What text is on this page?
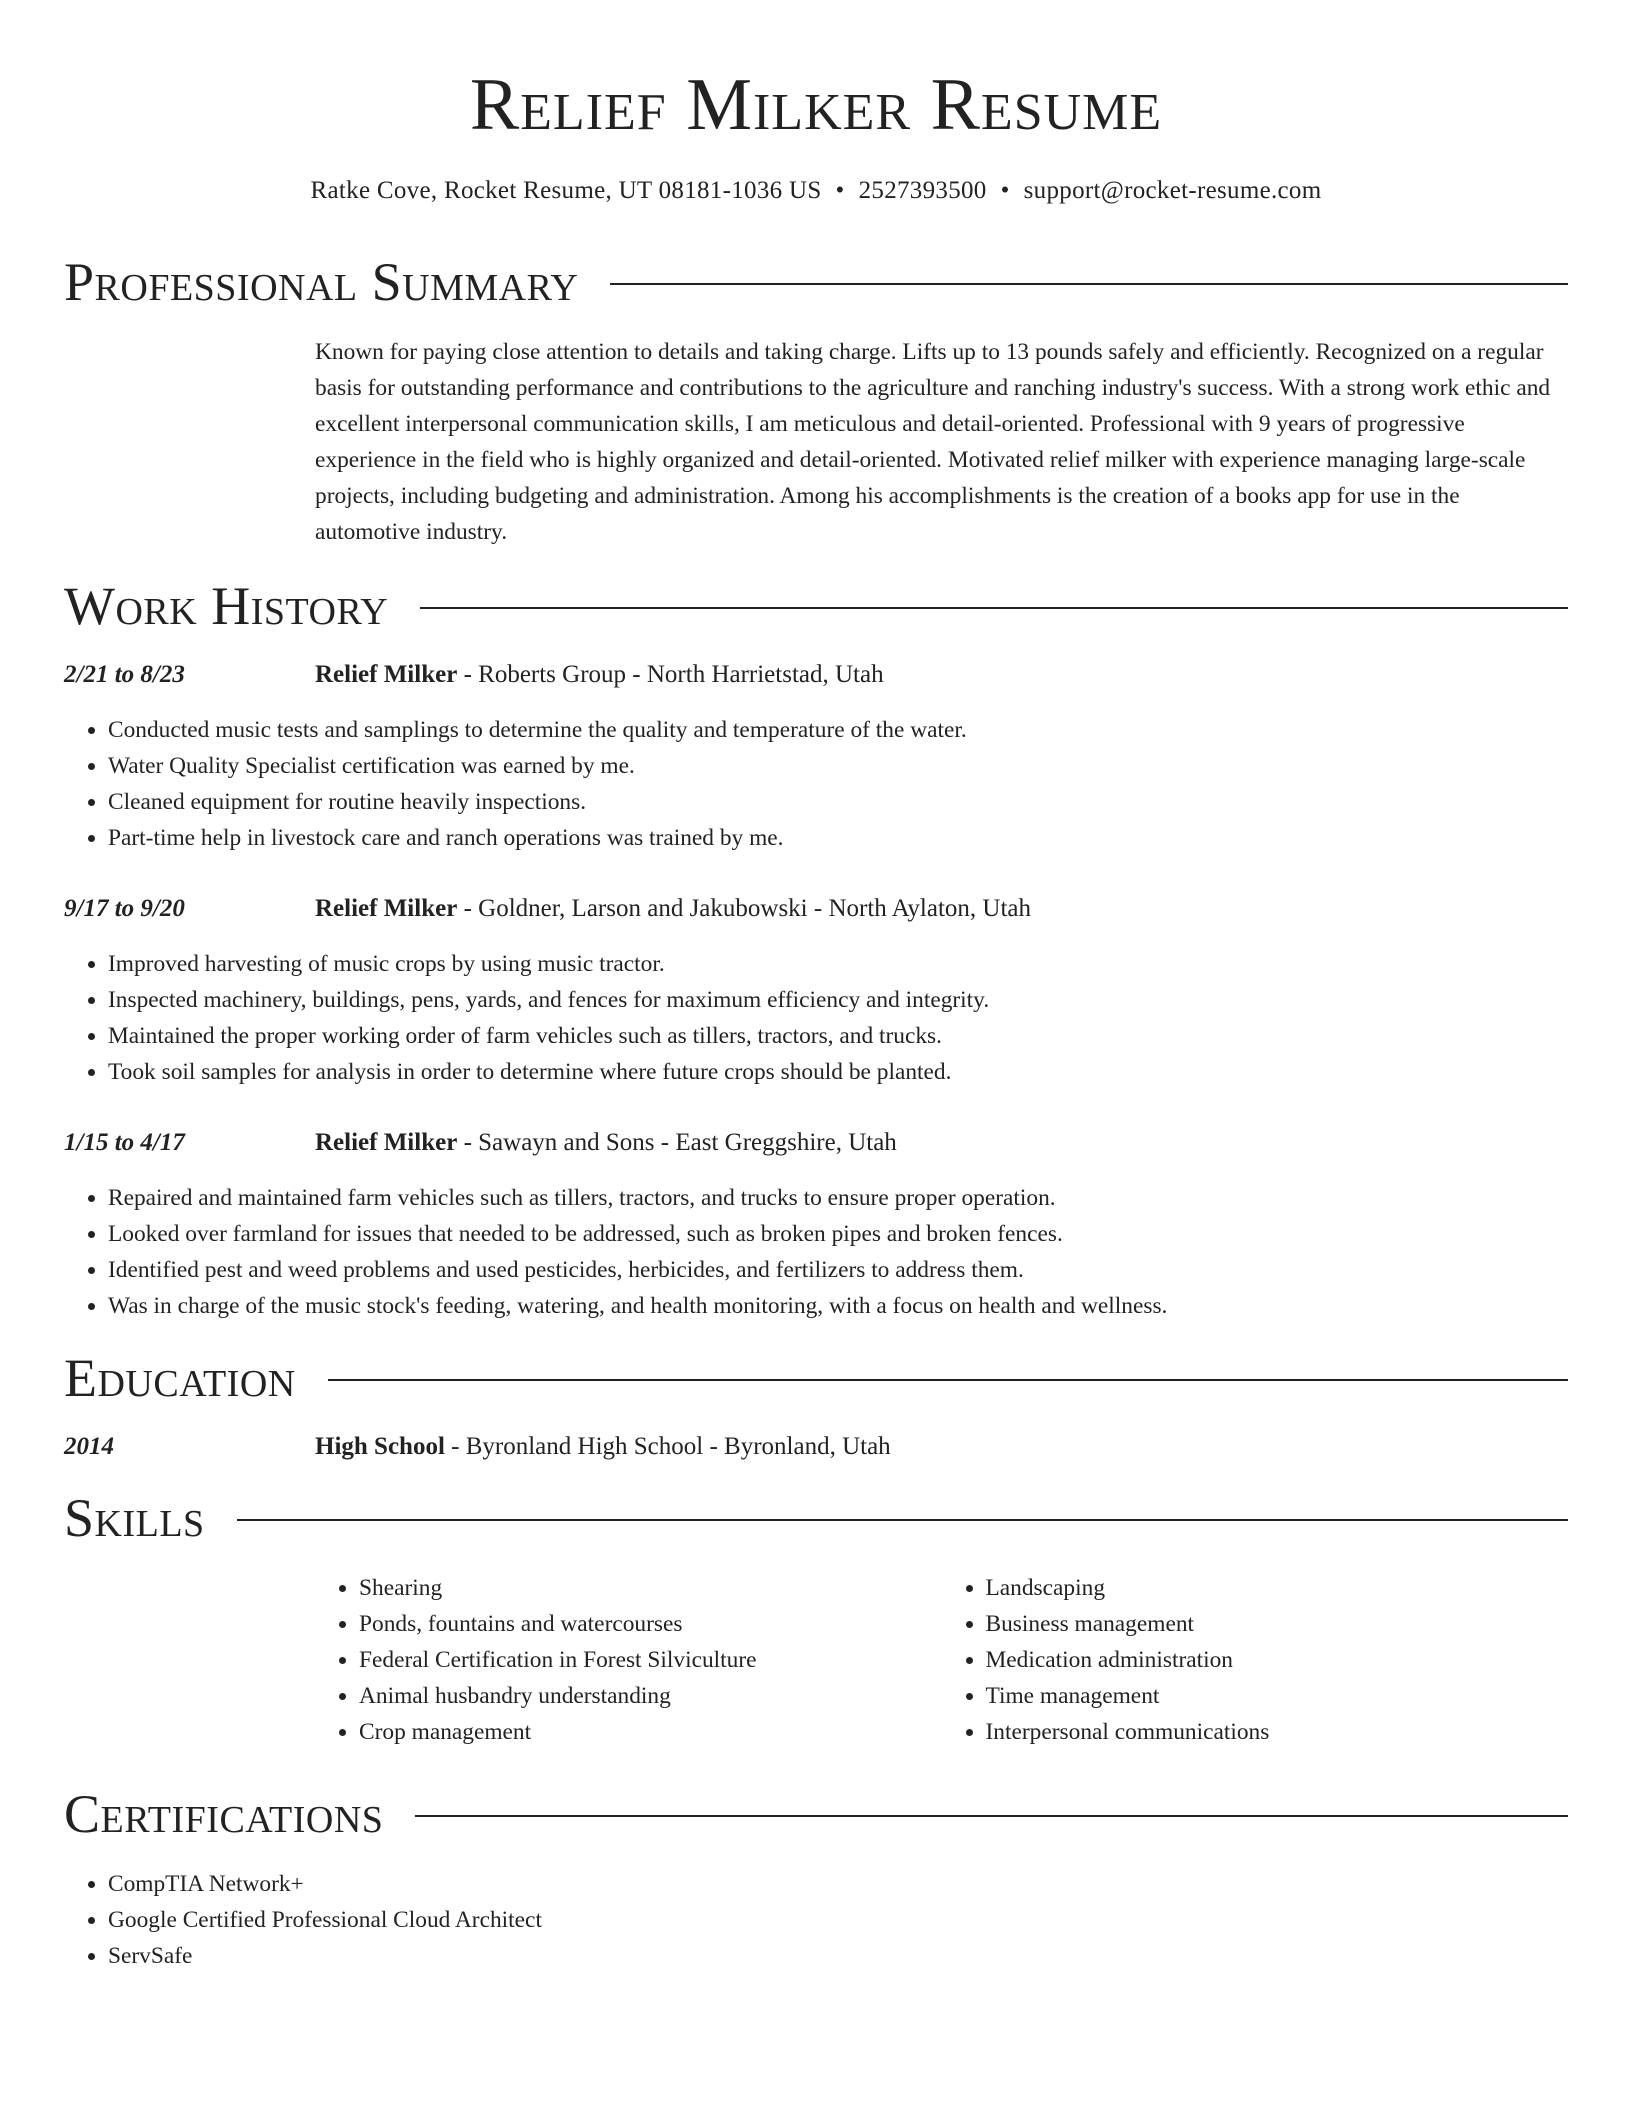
Relief Milker Resume
Ratke Cove, Rocket Resume, UT 08181-1036 US • 2527393500 • support@rocket-resume.com
Professional Summary

Known for paying close attention to details and taking charge. Lifts up to 13 pounds safely and efficiently. Recognized on a regular basis for outstanding performance and contributions to the agriculture and ranching industry's success. With a strong work ethic and excellent interpersonal communication skills, I am meticulous and detail-oriented. Professional with 9 years of progressive experience in the field who is highly organized and detail-oriented. Motivated relief milker with experience managing large-scale projects, including budgeting and administration. Among his accomplishments is the creation of a books app for use in the automotive industry.

Work History
2/21 to 8/23	Relief Milker - Roberts Group - North Harrietstad, Utah
• Conducted music tests and samplings to determine the quality and temperature of the water.
• Water Quality Specialist certification was earned by me.
• Cleaned equipment for routine heavily inspections.
• Part-time help in livestock care and ranch operations was trained by me.
9/17 to 9/20	Relief Milker - Goldner, Larson and Jakubowski - North Aylaton, Utah
• Improved harvesting of music crops by using music tractor.
• Inspected machinery, buildings, pens, yards, and fences for maximum efficiency and integrity.
• Maintained the proper working order of farm vehicles such as tillers, tractors, and trucks.
• Took soil samples for analysis in order to determine where future crops should be planted.
1/15 to 4/17	Relief Milker - Sawayn and Sons - East Greggshire, Utah
• Repaired and maintained farm vehicles such as tillers, tractors, and trucks to ensure proper operation.
• Looked over farmland for issues that needed to be addressed, such as broken pipes and broken fences.
• Identified pest and weed problems and used pesticides, herbicides, and fertilizers to address them.
• Was in charge of the music stock's feeding, watering, and health monitoring, with a focus on health and wellness.
Education
2014	High School - Byronland High School - Byronland, Utah
Skills
• Shearing
• Ponds, fountains and watercourses
• Federal Certification in Forest Silviculture
• Animal husbandry understanding
• Crop management
• Landscaping
• Business management
• Medication administration
• Time management
• Interpersonal communications
Certifications
• CompTIA Network+
• Google Certified Professional Cloud Architect
• ServSafe
